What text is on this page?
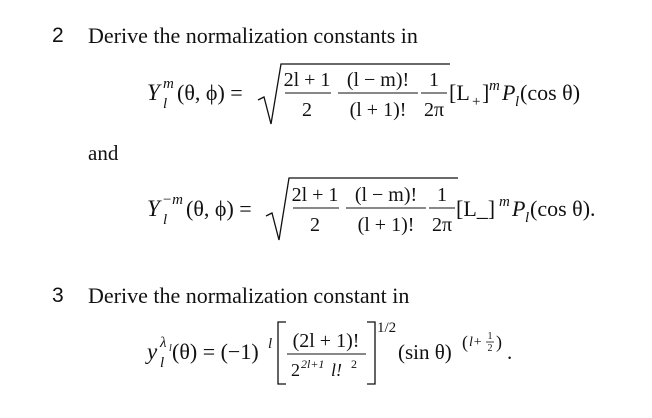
2 Derive the normalization constants in
Y m
l (θ, ϕ) = 2l + 1
2
(l − m)!
(l + 1)!
1
2π
[L + ] m P l (cos θ)
and
Y −m
l (θ, ϕ) =
2l + 1
2
(l − m)!
(l + 1)!
1
2π
[L_] m P l (cos θ).
3 Derive the normalization constant in
y λ l
l (θ) = (−1) l (2l + 1)!
2 2l+1 l! 2
1/2
(sin θ) ( l+ 1
2 ) .
